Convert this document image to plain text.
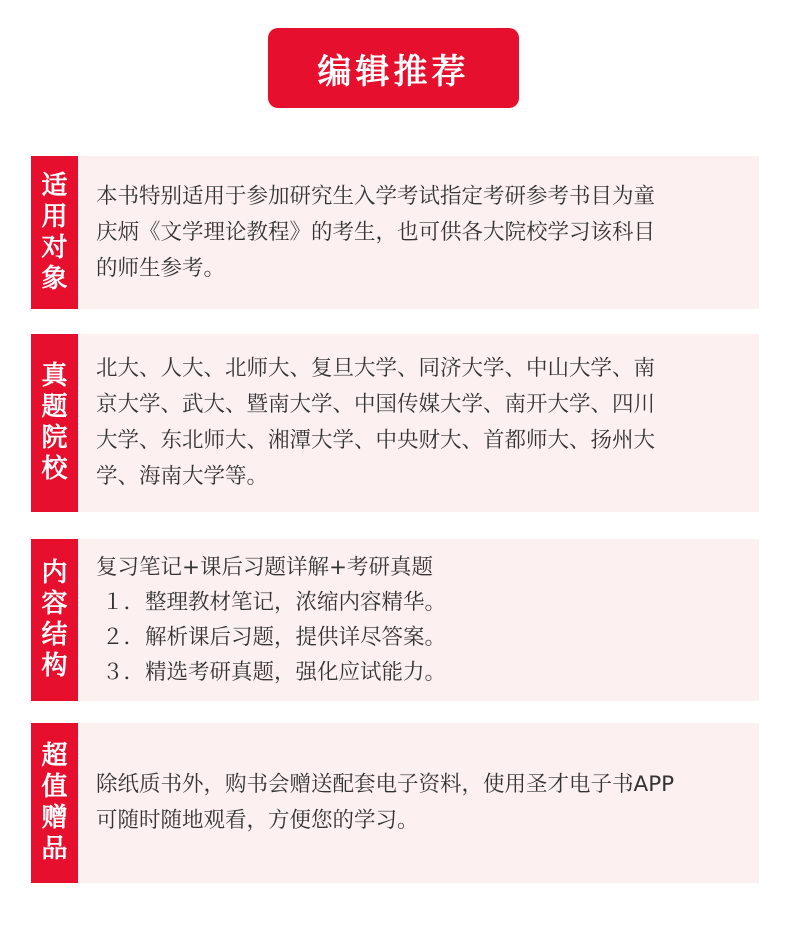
编辑推荐
适
用
对
象
本书特别适用于参加研究生入学考试指定考研参考书目为童
庆炳《文学理论教程》的考生，也可供各大院校学习该科目
的师生参考。
真
题
院
校
北大、人大、北师大、复旦大学、同济大学、中山大学、南
京大学、武大、暨南大学、中国传媒大学、南开大学、四川
大学、东北师大、湘潭大学、中央财大、首都师大、扬州大
学、海南大学等。
内
容
结
构
复习笔记+课后习题详解+考研真题
１．整理教材笔记，浓缩内容精华。
２．解析课后习题，提供详尽答案。
３．精选考研真题，强化应试能力。
超
值
赠
品
除纸质书外，购书会赠送配套电子资料，使用圣才电子书APP
可随时随地观看，方便您的学习。
